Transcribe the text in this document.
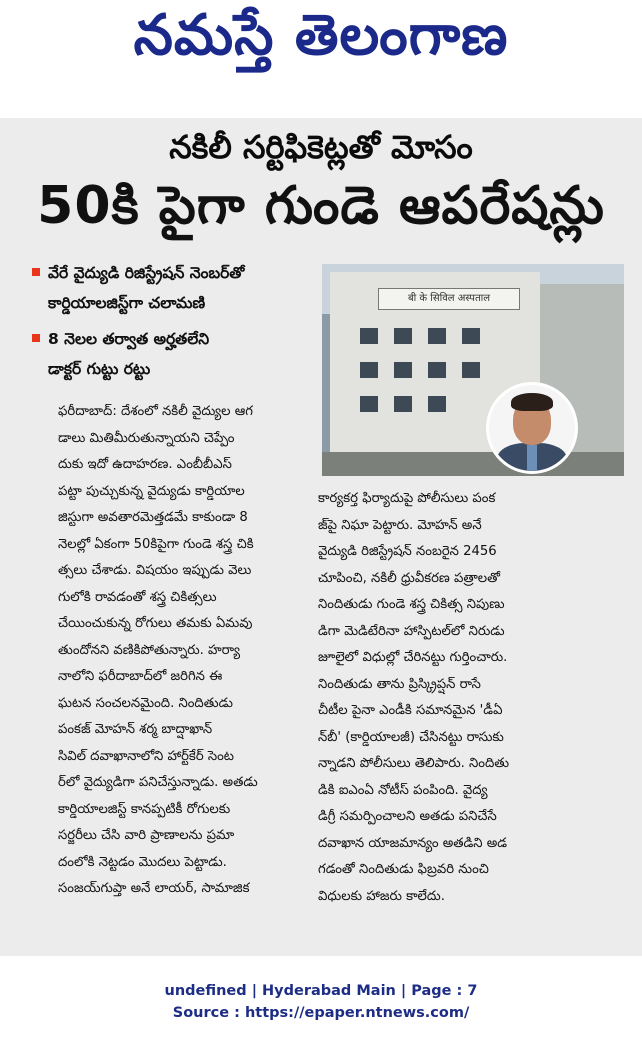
నమస్తే తెలంగాణ
నకిలీ సర్టిఫికెట్లతో మోసం
50కి పైగా గుండె ఆపరేషన్లు
వేరే వైద్యుడి రిజిస్ట్రేషన్ నెంబర్‌తో
కార్డియాలజిస్ట్‌గా చలామణి
8 నెలల తర్వాత అర్హతలేని
డాక్టర్ గుట్టు రట్టు
बी के सिविल अस्पताल
ఫరీదాబాద్: దేశంలో నకిలీ వైద్యుల ఆగ
డాలు మితిమీరుతున్నాయని చెప్పేం
దుకు ఇదో ఉదాహరణ. ఎంబీబీఎస్
పట్టా పుచ్చుకున్న వైద్యుడు కార్డియాల
జిస్టుగా అవతారమెత్తడమే కాకుండా 8
నెలల్లో ఏకంగా 50కిపైగా గుండె శస్త్ర చికి
త్సలు చేశాడు. విషయం ఇప్పుడు వెలు
గులోకి రావడంతో శస్త్ర చికిత్సలు
చేయించుకున్న రోగులు తమకు ఏమవు
తుందోనని వణికిపోతున్నారు. హర్యా
నాలోని ఫరీదాబాద్‌లో జరిగిన ఈ
ఘటన సంచలనమైంది. నిందితుడు
పంకజ్ మోహన్ శర్మ బాద్షాఖాన్
సివిల్ దవాఖానాలోని హార్ట్‌కేర్ సెంట
ర్‌లో వైద్యుడిగా పనిచేస్తున్నాడు. అతడు
కార్డియాలజిస్ట్ కానప్పటికీ రోగులకు
సర్జరీలు చేసి వారి ప్రాణాలను ప్రమా
దంలోకి నెట్టడం మొదలు పెట్టాడు.
సంజయ్‌గుప్తా అనే లాయర్, సామాజిక
కార్యకర్త ఫిర్యాదుపై పోలీసులు పంక
జ్‌పై నిఘా పెట్టారు. మోహన్ అనే
వైద్యుడి రిజిస్ట్రేషన్ నంబరైన 2456
చూపించి, నకిలీ ధ్రువీకరణ పత్రాలతో
నిందితుడు గుండె శస్త్ర చికిత్స నిపుణు
డిగా మెడిటేరినా హాస్పిటల్‌లో నిరుడు
జూలైలో విధుల్లో చేరినట్టు గుర్తించారు.
నిందితుడు తాను ప్రిస్క్రిప్షన్ రాసే
చీటీల పైనా ఎండీకి సమానమైన 'డీఏ
న్‌బీ' (కార్డియాలజీ) చేసినట్టు రాసుకు
న్నాడని పోలీసులు తెలిపారు. నిందితు
డికి ఐఎంఏ నోటీస్ పంపింది. వైద్య
డిగ్రీ సమర్పించాలని అతడు పనిచేసే
దవాఖాన యాజమాన్యం అతడిని అడ
గడంతో నిందితుడు ఫిబ్రవరి నుంచి
విధులకు హాజరు కాలేదు.
undefined | Hyderabad Main | Page : 7
Source : https://epaper.ntnews.com/
